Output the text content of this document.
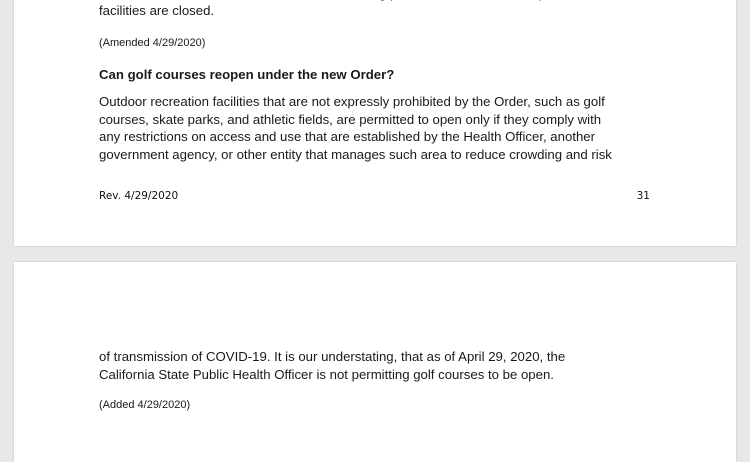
facilities are closed.
(Amended 4/29/2020)
Can golf courses reopen under the new Order?
Outdoor recreation facilities that are not expressly prohibited by the Order, such as golf
courses, skate parks, and athletic fields, are permitted to open only if they comply with
any restrictions on access and use that are established by the Health Officer, another
government agency, or other entity that manages such area to reduce crowding and risk
Rev. 4/29/2020	31
of transmission of COVID-19. It is our understating, that as of April 29, 2020, the
California State Public Health Officer is not permitting golf courses to be open.
(Added 4/29/2020)
